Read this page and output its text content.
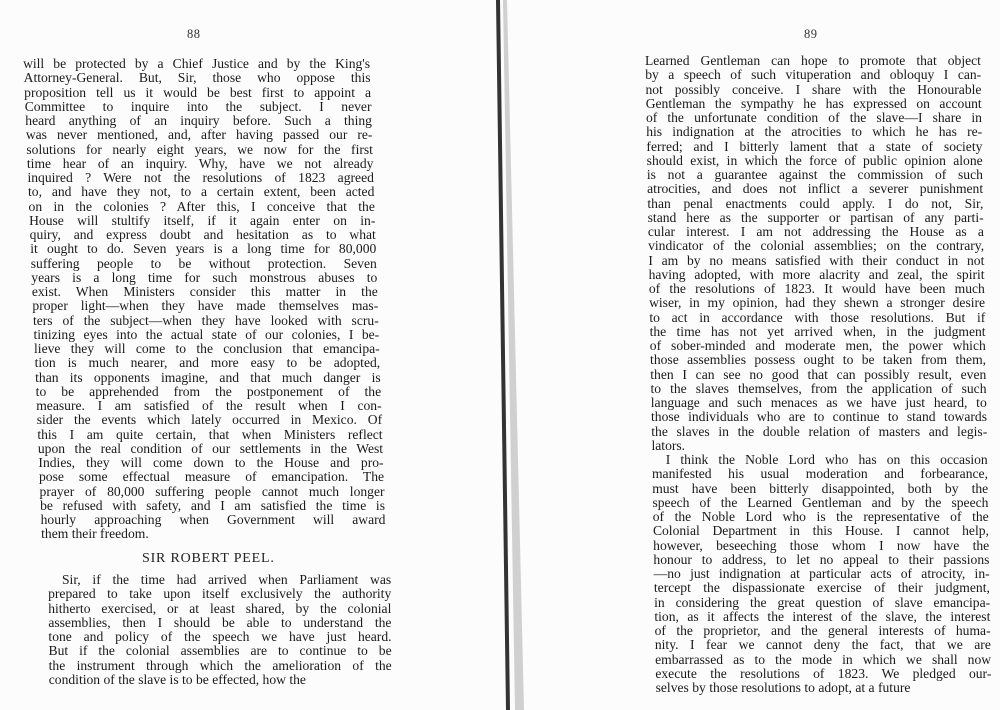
88
will be protected by a Chief Justice and by the King's
Attorney-General. But, Sir, those who oppose this
proposition tell us it would be best first to appoint a
Committee to inquire into the subject. I never
heard anything of an inquiry before. Such a thing
was never mentioned, and, after having passed our re-
solutions for nearly eight years, we now for the first
time hear of an inquiry. Why, have we not already
inquired ? Were not the resolutions of 1823 agreed
to, and have they not, to a certain extent, been acted
on in the colonies ? After this, I conceive that the
House will stultify itself, if it again enter on in-
quiry, and express doubt and hesitation as to what
it ought to do. Seven years is a long time for 80,000
suffering people to be without protection. Seven
years is a long time for such monstrous abuses to
exist. When Ministers consider this matter in the
proper light—when they have made themselves mas-
ters of the subject—when they have looked with scru-
tinizing eyes into the actual state of our colonies, I be-
lieve they will come to the conclusion that emancipa-
tion is much nearer, and more easy to be adopted,
than its opponents imagine, and that much danger is
to be apprehended from the postponement of the
measure. I am satisfied of the result when I con-
sider the events which lately occurred in Mexico. Of
this I am quite certain, that when Ministers reflect
upon the real condition of our settlements in the West
Indies, they will come down to the House and pro-
pose some effectual measure of emancipation. The
prayer of 80,000 suffering people cannot much longer
be refused with safety, and I am satisfied the time is
hourly approaching when Government will award
them their freedom.
SIR ROBERT PEEL.
Sir, if the time had arrived when Parliament was
prepared to take upon itself exclusively the authority
hitherto exercised, or at least shared, by the colonial
assemblies, then I should be able to understand the
tone and policy of the speech we have just heard.
But if the colonial assemblies are to continue to be
the instrument through which the amelioration of the
condition of the slave is to be effected, how the
89
Learned Gentleman can hope to promote that object
by a speech of such vituperation and obloquy I can-
not possibly conceive. I share with the Honourable
Gentleman the sympathy he has expressed on account
of the unfortunate condition of the slave—I share in
his indignation at the atrocities to which he has re-
ferred; and I bitterly lament that a state of society
should exist, in which the force of public opinion alone
is not a guarantee against the commission of such
atrocities, and does not inflict a severer punishment
than penal enactments could apply. I do not, Sir,
stand here as the supporter or partisan of any parti-
cular interest. I am not addressing the House as a
vindicator of the colonial assemblies; on the contrary,
I am by no means satisfied with their conduct in not
having adopted, with more alacrity and zeal, the spirit
of the resolutions of 1823. It would have been much
wiser, in my opinion, had they shewn a stronger desire
to act in accordance with those resolutions. But if
the time has not yet arrived when, in the judgment
of sober-minded and moderate men, the power which
those assemblies possess ought to be taken from them,
then I can see no good that can possibly result, even
to the slaves themselves, from the application of such
language and such menaces as we have just heard, to
those individuals who are to continue to stand towards
the slaves in the double relation of masters and legis-
lators.
I think the Noble Lord who has on this occasion
manifested his usual moderation and forbearance,
must have been bitterly disappointed, both by the
speech of the Learned Gentleman and by the speech
of the Noble Lord who is the representative of the
Colonial Department in this House. I cannot help,
however, beseeching those whom I now have the
honour to address, to let no appeal to their passions
—no just indignation at particular acts of atrocity, in-
tercept the dispassionate exercise of their judgment,
in considering the great question of slave emancipa-
tion, as it affects the interest of the slave, the interest
of the proprietor, and the general interests of huma-
nity. I fear we cannot deny the fact, that we are
embarrassed as to the mode in which we shall now
execute the resolutions of 1823. We pledged our-
selves by those resolutions to adopt, at a future
